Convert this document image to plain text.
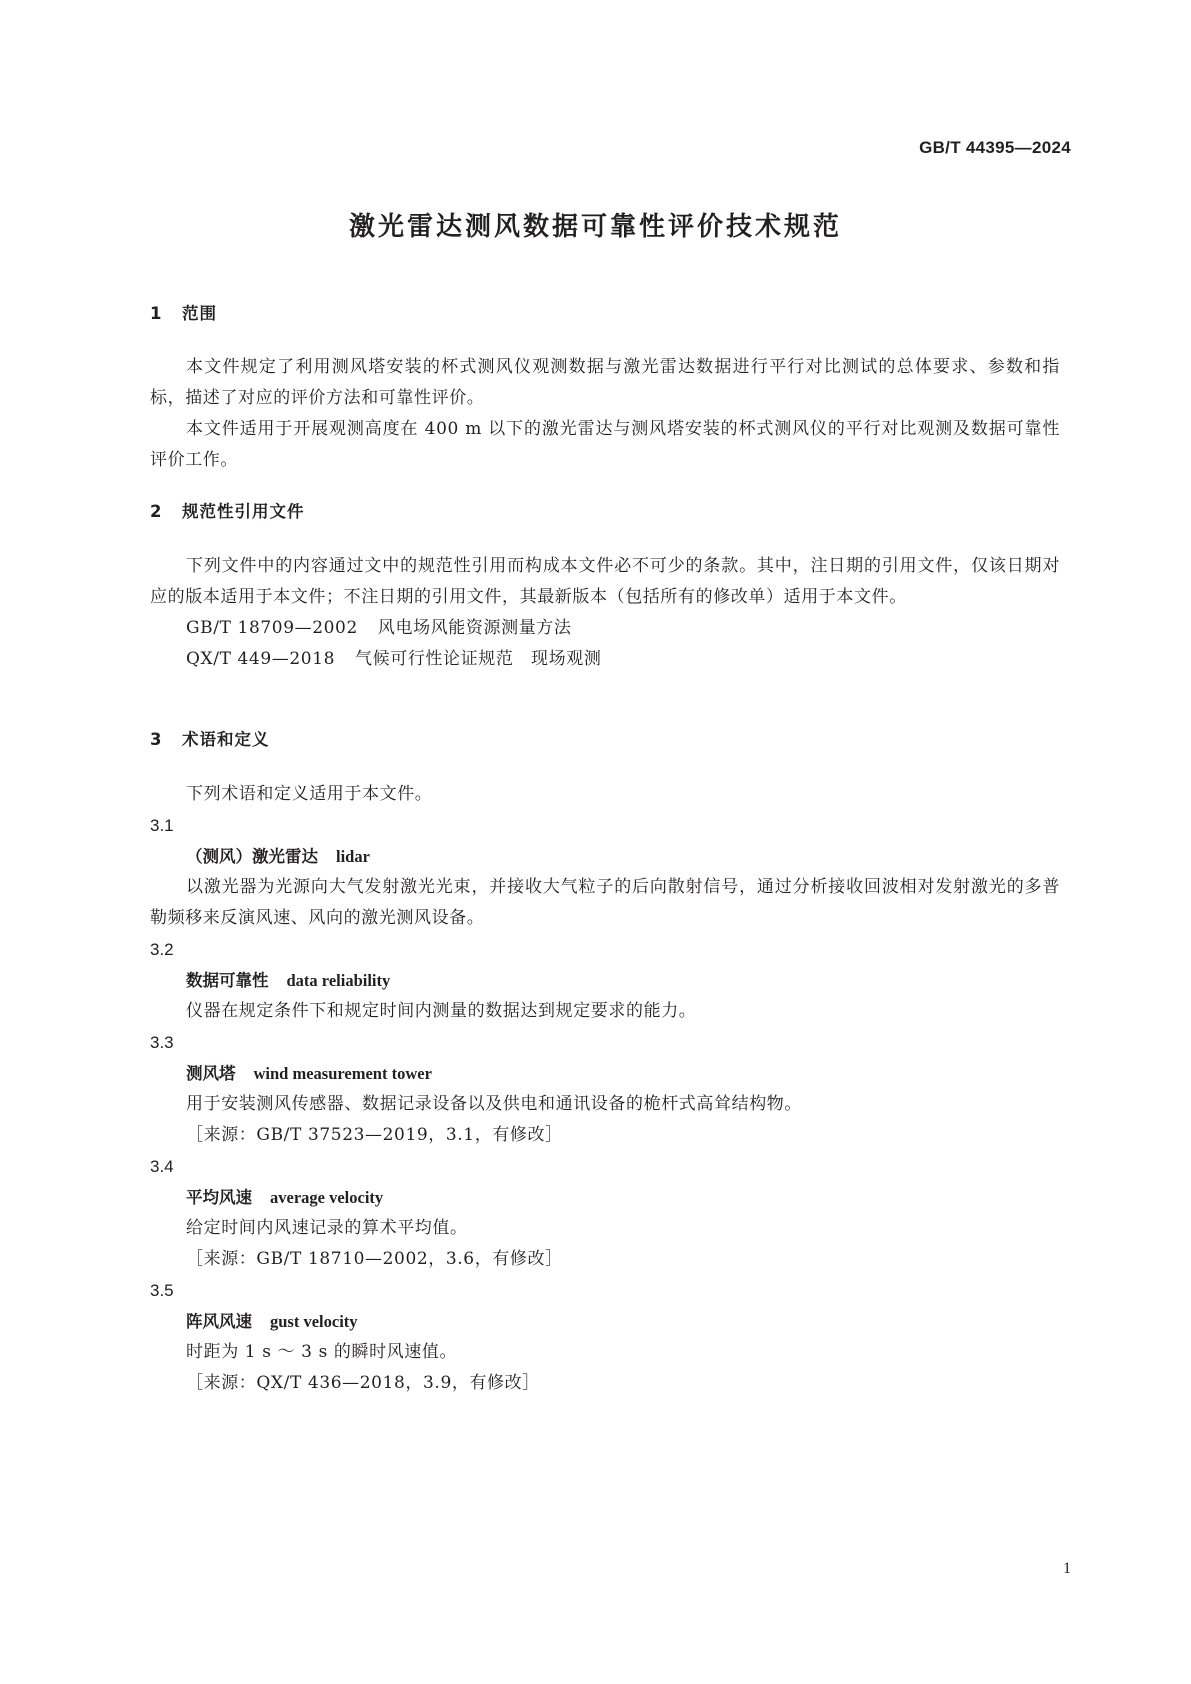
GB/T 44395—2024
激光雷达测风数据可靠性评价技术规范
1 范围

本文件规定了利用测风塔安装的杯式测风仪观测数据与激光雷达数据进行平行对比测试的总体要求、参数和指标，描述了对应的评价方法和可靠性评价。

本文件适用于开展观测高度在 400 m 以下的激光雷达与测风塔安装的杯式测风仪的平行对比观测及数据可靠性评价工作。

2 规范性引用文件

下列文件中的内容通过文中的规范性引用而构成本文件必不可少的条款。其中，注日期的引用文件，仅该日期对应的版本适用于本文件；不注日期的引用文件，其最新版本（包括所有的修改单）适用于本文件。

GB/T 18709—2002 风电场风能资源测量方法

QX/T 449—2018 气候可行性论证规范　现场观测

3 术语和定义

下列术语和定义适用于本文件。

3.1

（测风）激光雷达 lidar

以激光器为光源向大气发射激光光束，并接收大气粒子的后向散射信号，通过分析接收回波相对发射激光的多普勒频移来反演风速、风向的激光测风设备。

3.2

数据可靠性 data reliability

仪器在规定条件下和规定时间内测量的数据达到规定要求的能力。

3.3

测风塔 wind measurement tower

用于安装测风传感器、数据记录设备以及供电和通讯设备的桅杆式高耸结构物。

［来源：GB/T 37523—2019，3.1，有修改］

3.4

平均风速 average velocity

给定时间内风速记录的算术平均值。

［来源：GB/T 18710—2002，3.6，有修改］

3.5

阵风风速 gust velocity

时距为 1 s ～ 3 s 的瞬时风速值。

［来源：QX/T 436—2018，3.9，有修改］

1
